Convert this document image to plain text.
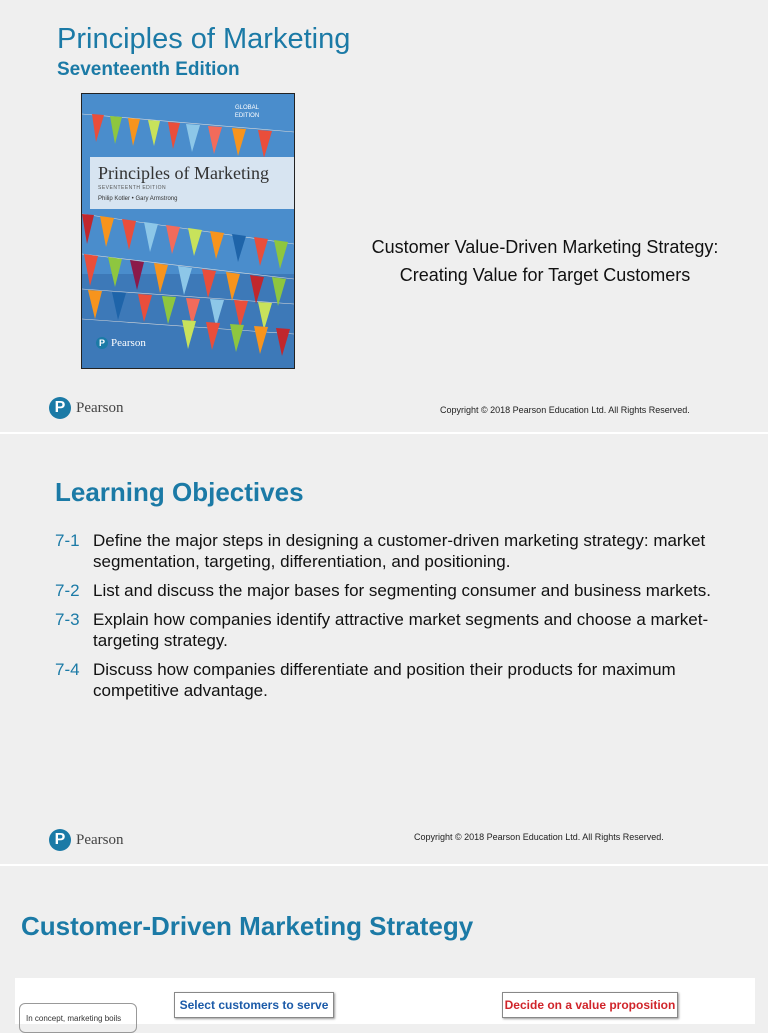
Principles of Marketing
Seventeenth Edition
GLOBAL EDITION
Principles of Marketing
SEVENTEENTH EDITION
Philip Kotler • Gary Armstrong
P Pearson
Customer Value-Driven Marketing Strategy:
Creating Value for Target Customers
P Pearson	Copyright © 2018 Pearson Education Ltd. All Rights Reserved.
Learning Objectives
7-1 Define the major steps in designing a customer-driven marketing strategy: market segmentation, targeting, differentiation, and positioning.
7-2 List and discuss the major bases for segmenting consumer and business markets.
7-3 Explain how companies identify attractive market segments and choose a market-targeting strategy.
7-4 Discuss how companies differentiate and position their products for maximum competitive advantage.
P Pearson	Copyright © 2018 Pearson Education Ltd. All Rights Reserved.
Customer-Driven Marketing Strategy
In concept, marketing boils
Select customers to serve	Decide on a value proposition
